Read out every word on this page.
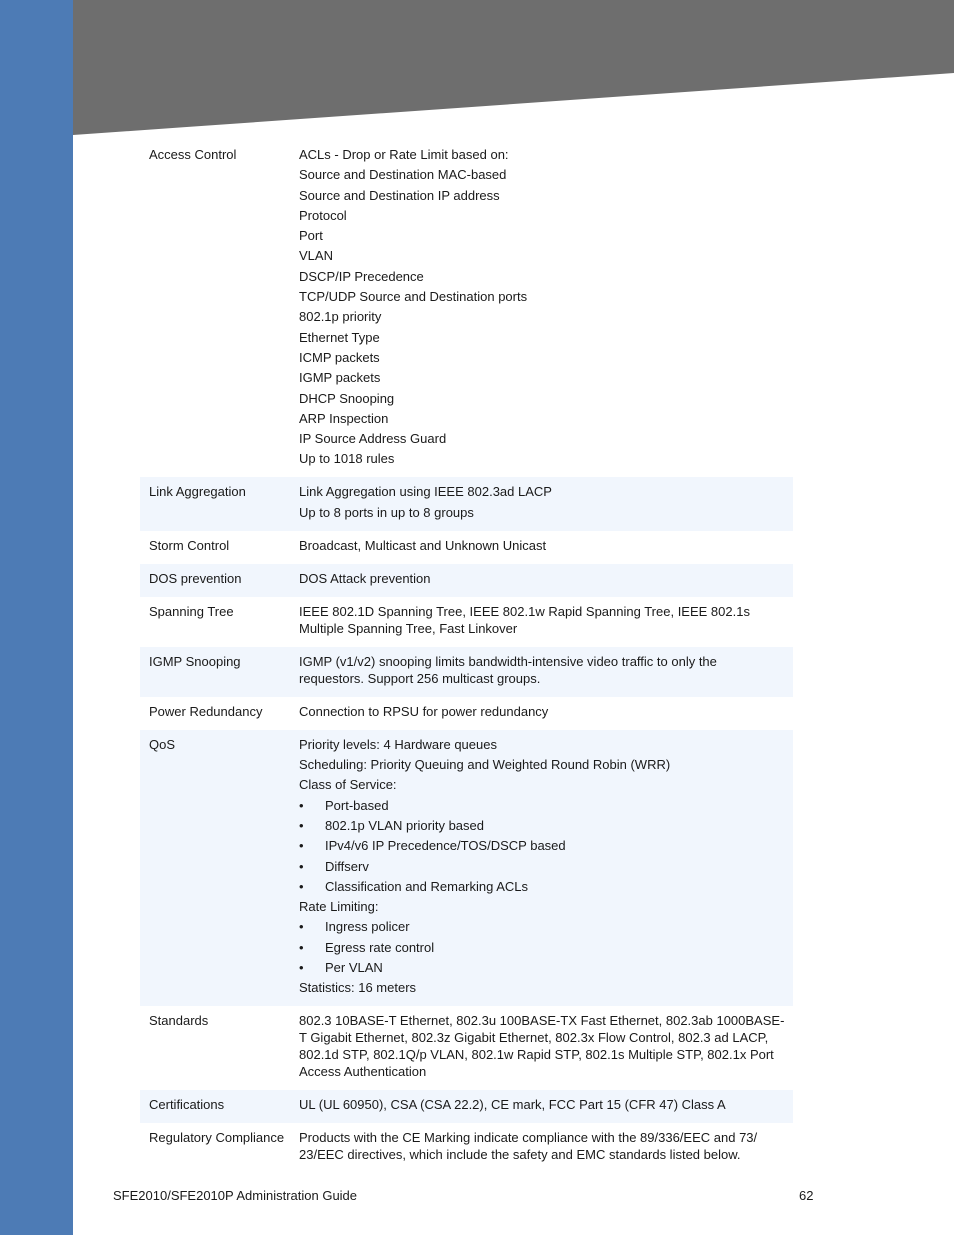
Access Control	ACLs - Drop or Rate Limit based on:
Source and Destination MAC-based
Source and Destination IP address
Protocol
Port
VLAN
DSCP/IP Precedence
TCP/UDP Source and Destination ports
802.1p priority
Ethernet Type
ICMP packets
IGMP packets
DHCP Snooping
ARP Inspection
IP Source Address Guard
Up to 1018 rules
Link Aggregation	Link Aggregation using IEEE 802.3ad LACP
Up to 8 ports in up to 8 groups
Storm Control	Broadcast, Multicast and Unknown Unicast
DOS prevention	DOS Attack prevention
Spanning Tree	IEEE 802.1D Spanning Tree, IEEE 802.1w Rapid Spanning Tree, IEEE 802.1s Multiple Spanning Tree, Fast Linkover
IGMP Snooping	IGMP (v1/v2) snooping limits bandwidth-intensive video traffic to only the requestors. Support 256 multicast groups.
Power Redundancy	Connection to RPSU for power redundancy
QoS	Priority levels: 4 Hardware queues
Scheduling: Priority Queuing and Weighted Round Robin (WRR)
Class of Service:
•	Port-based
•	802.1p VLAN priority based
•	IPv4/v6 IP Precedence/TOS/DSCP based
•	Diffserv
•	Classification and Remarking ACLs
Rate Limiting:
•	Ingress policer
•	Egress rate control
•	Per VLAN
Statistics: 16 meters
Standards	802.3 10BASE-T Ethernet, 802.3u 100BASE-TX Fast Ethernet, 802.3ab 1000BASE-T Gigabit Ethernet, 802.3z Gigabit Ethernet, 802.3x Flow Control, 802.3 ad LACP, 802.1d STP, 802.1Q/p VLAN, 802.1w Rapid STP, 802.1s Multiple STP, 802.1x Port Access Authentication
Certifications	UL (UL 60950), CSA (CSA 22.2), CE mark, FCC Part 15 (CFR 47) Class A
Regulatory Compliance	Products with the CE Marking indicate compliance with the 89/336/EEC and 73/ 23/EEC directives, which include the safety and EMC standards listed below.
SFE2010/SFE2010P Administration Guide	62
